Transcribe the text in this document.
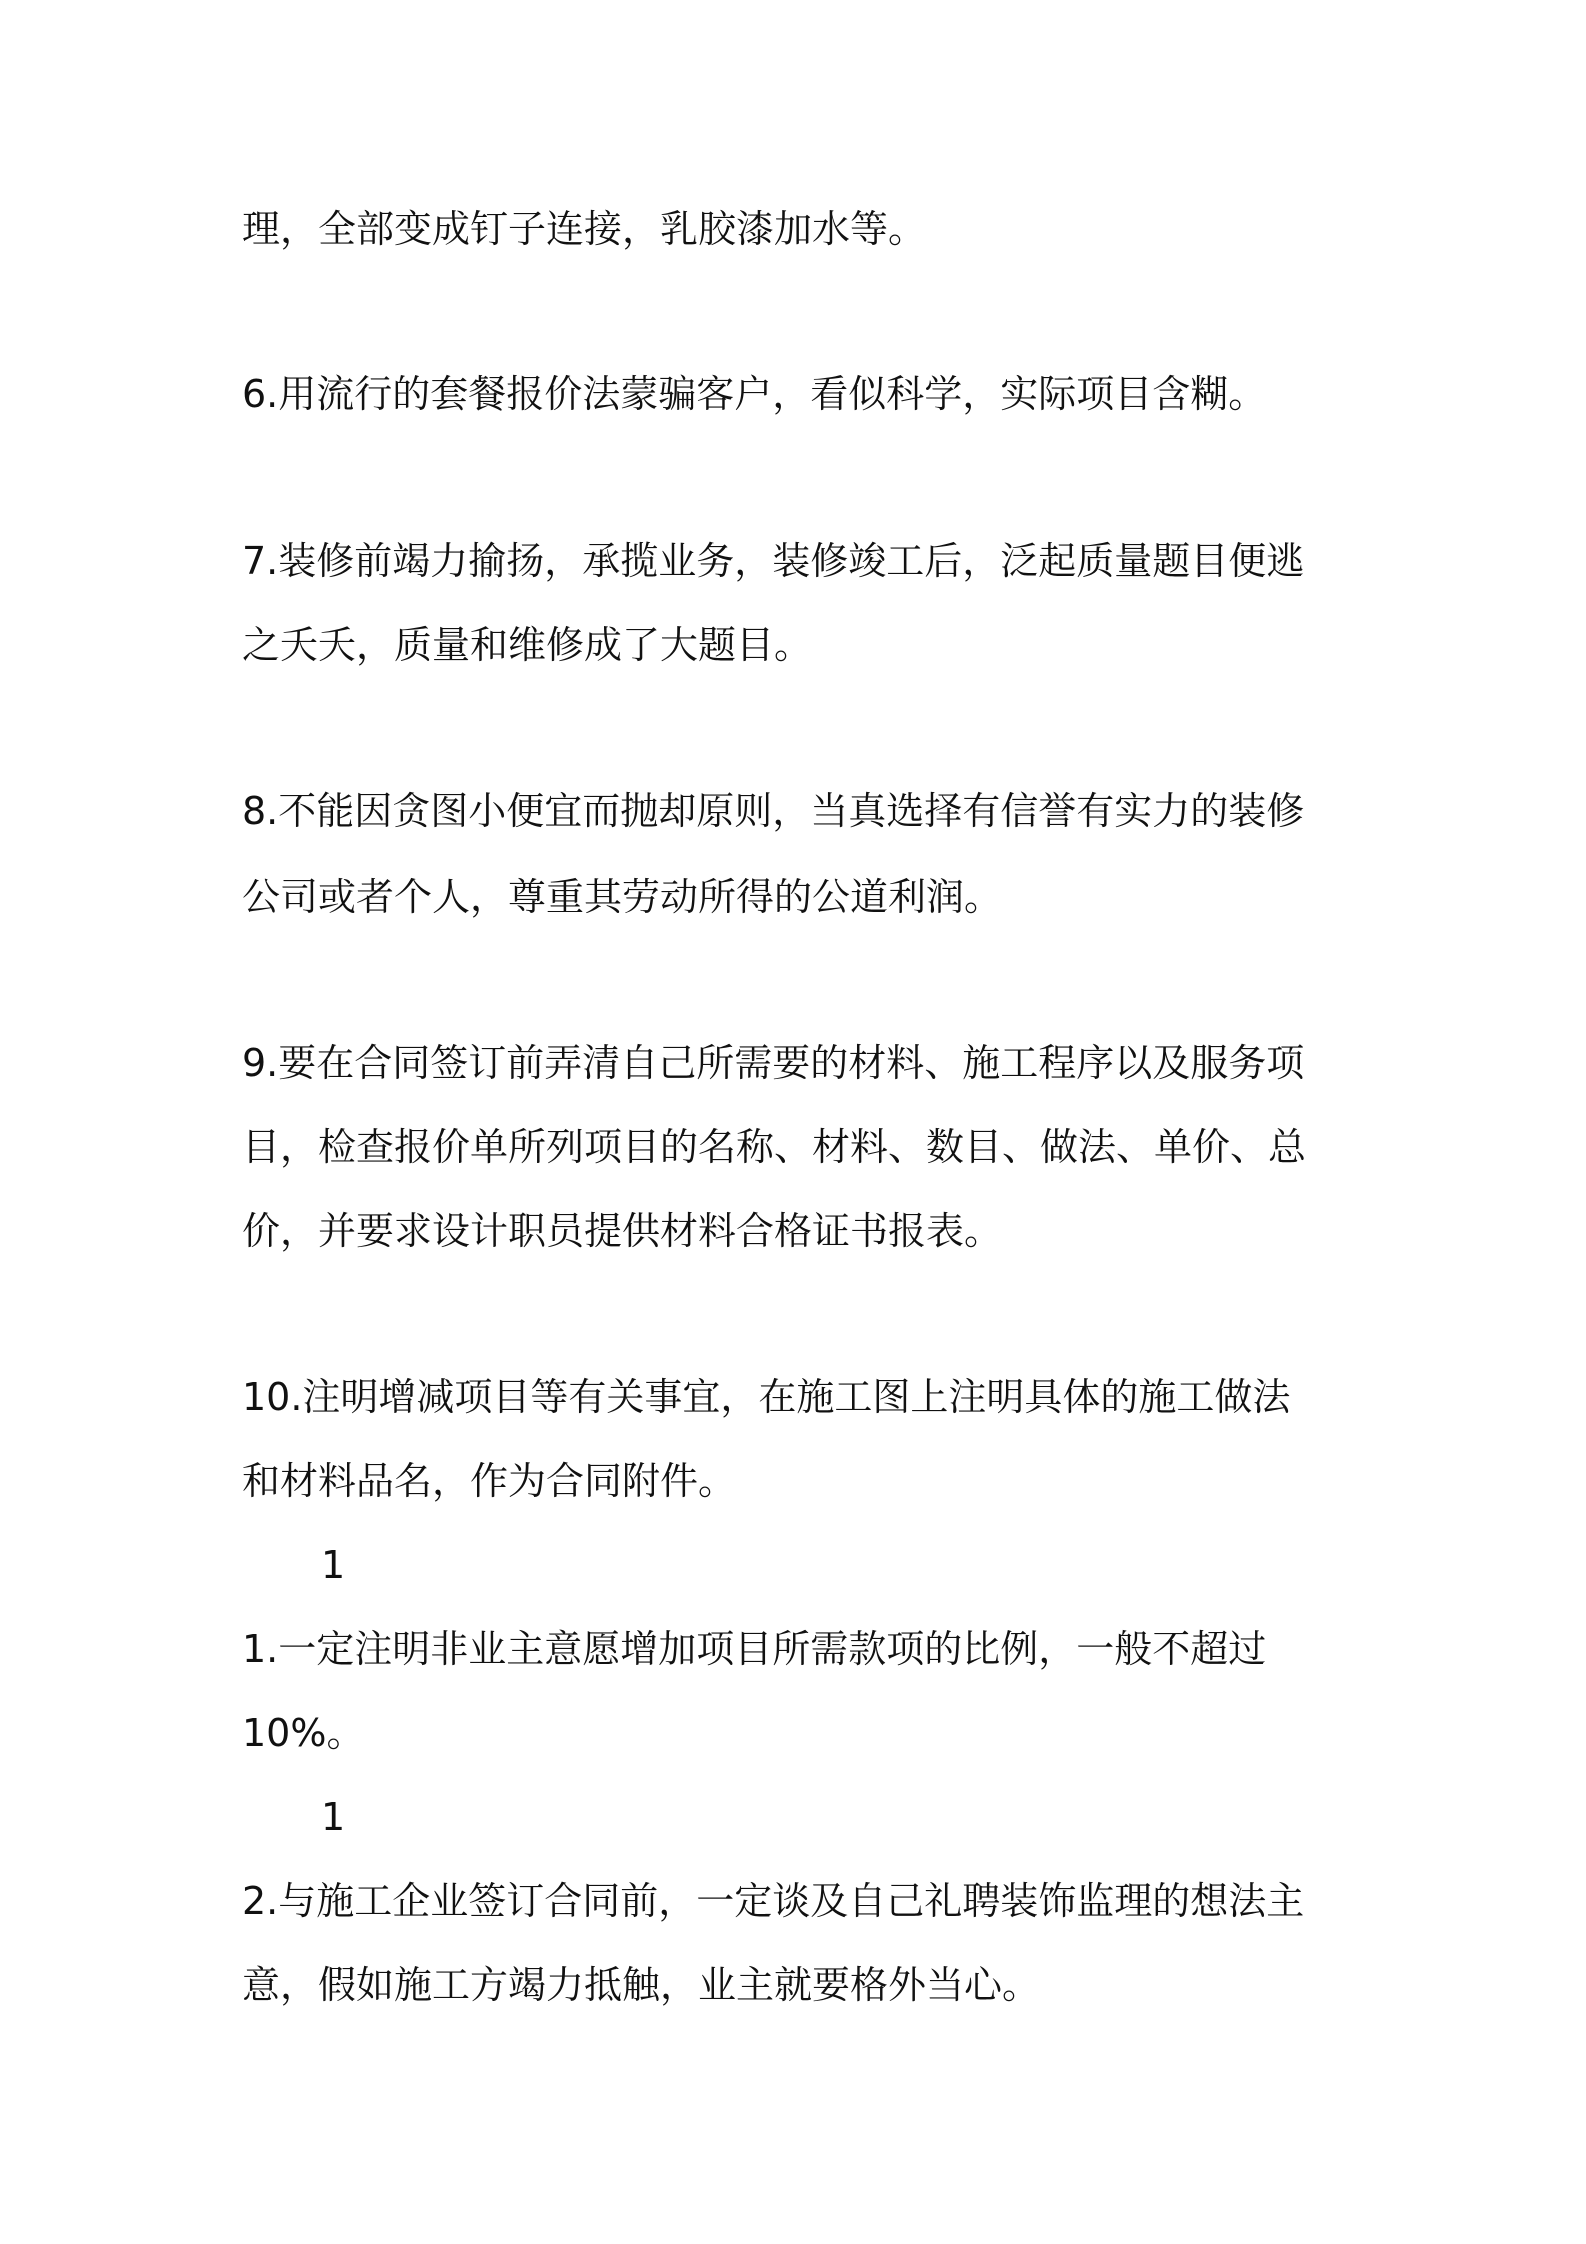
理，全部变成钉子连接，乳胶漆加水等。

6.用流行的套餐报价法蒙骗客户，看似科学，实际项目含糊。

7.装修前竭力揄扬，承揽业务，装修竣工后，泛起质量题目便逃

之夭夭，质量和维修成了大题目。

8.不能因贪图小便宜而抛却原则，当真选择有信誉有实力的装修

公司或者个人，尊重其劳动所得的公道利润。

9.要在合同签订前弄清自己所需要的材料、施工程序以及服务项

目，检查报价单所列项目的名称、材料、数目、做法、单价、总

价，并要求设计职员提供材料合格证书报表。

10.注明增减项目等有关事宜，在施工图上注明具体的施工做法

和材料品名，作为合同附件。

1

1.一定注明非业主意愿增加项目所需款项的比例，一般不超过

10%。

1

2.与施工企业签订合同前，一定谈及自己礼聘装饰监理的想法主

意，假如施工方竭力抵触，业主就要格外当心。
